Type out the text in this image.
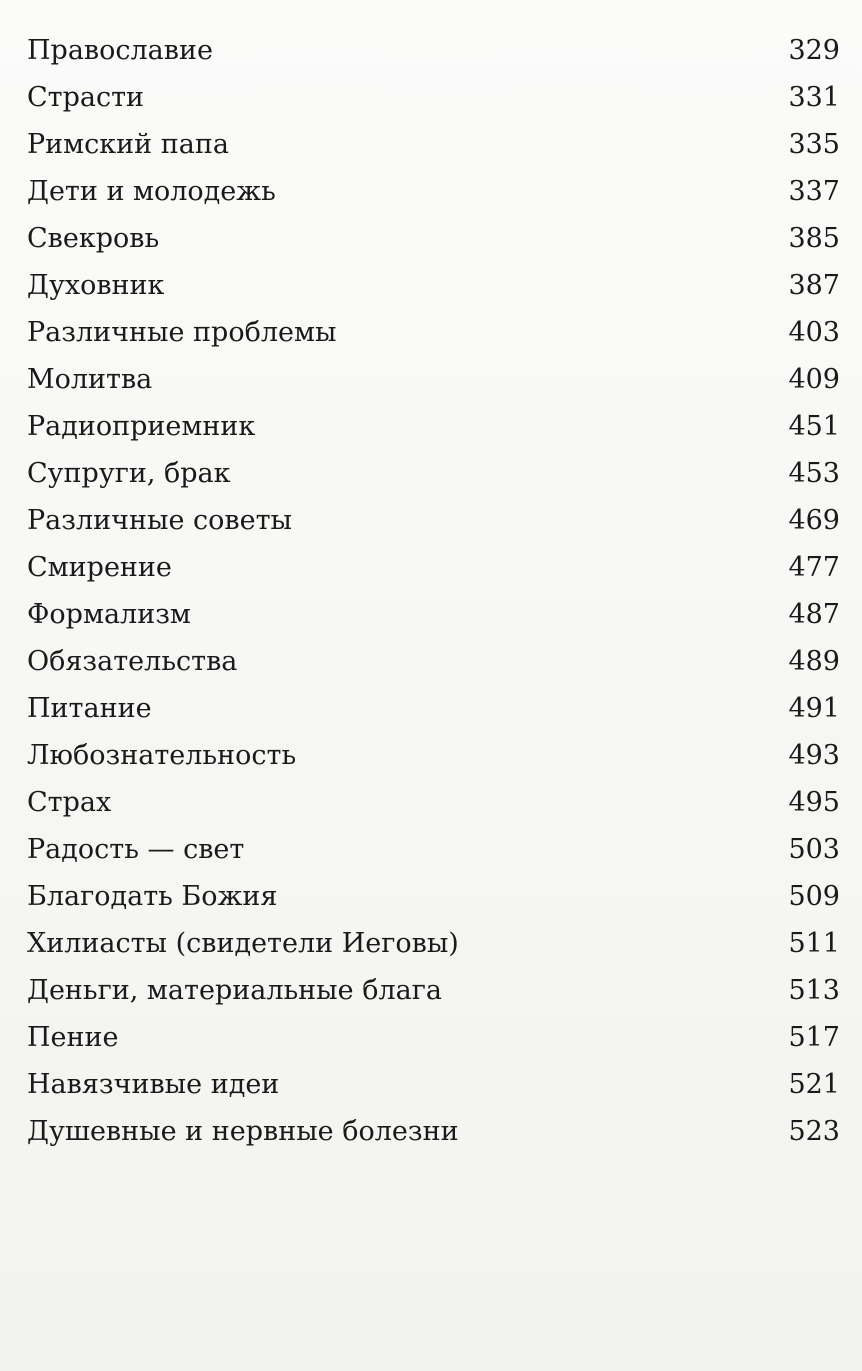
Православие	329
Страсти	331
Римский папа	335
Дети и молодежь	337
Свекровь	385
Духовник	387
Различные проблемы	403
Молитва	409
Радиоприемник	451
Супруги, брак	453
Различные советы	469
Смирение	477
Формализм	487
Обязательства	489
Питание	491
Любознательность	493
Страх	495
Радость — свет	503
Благодать Божия	509
Хилиасты (свидетели Иеговы)	511
Деньги, материальные блага	513
Пение	517
Навязчивые идеи	521
Душевные и нервные болезни	523
